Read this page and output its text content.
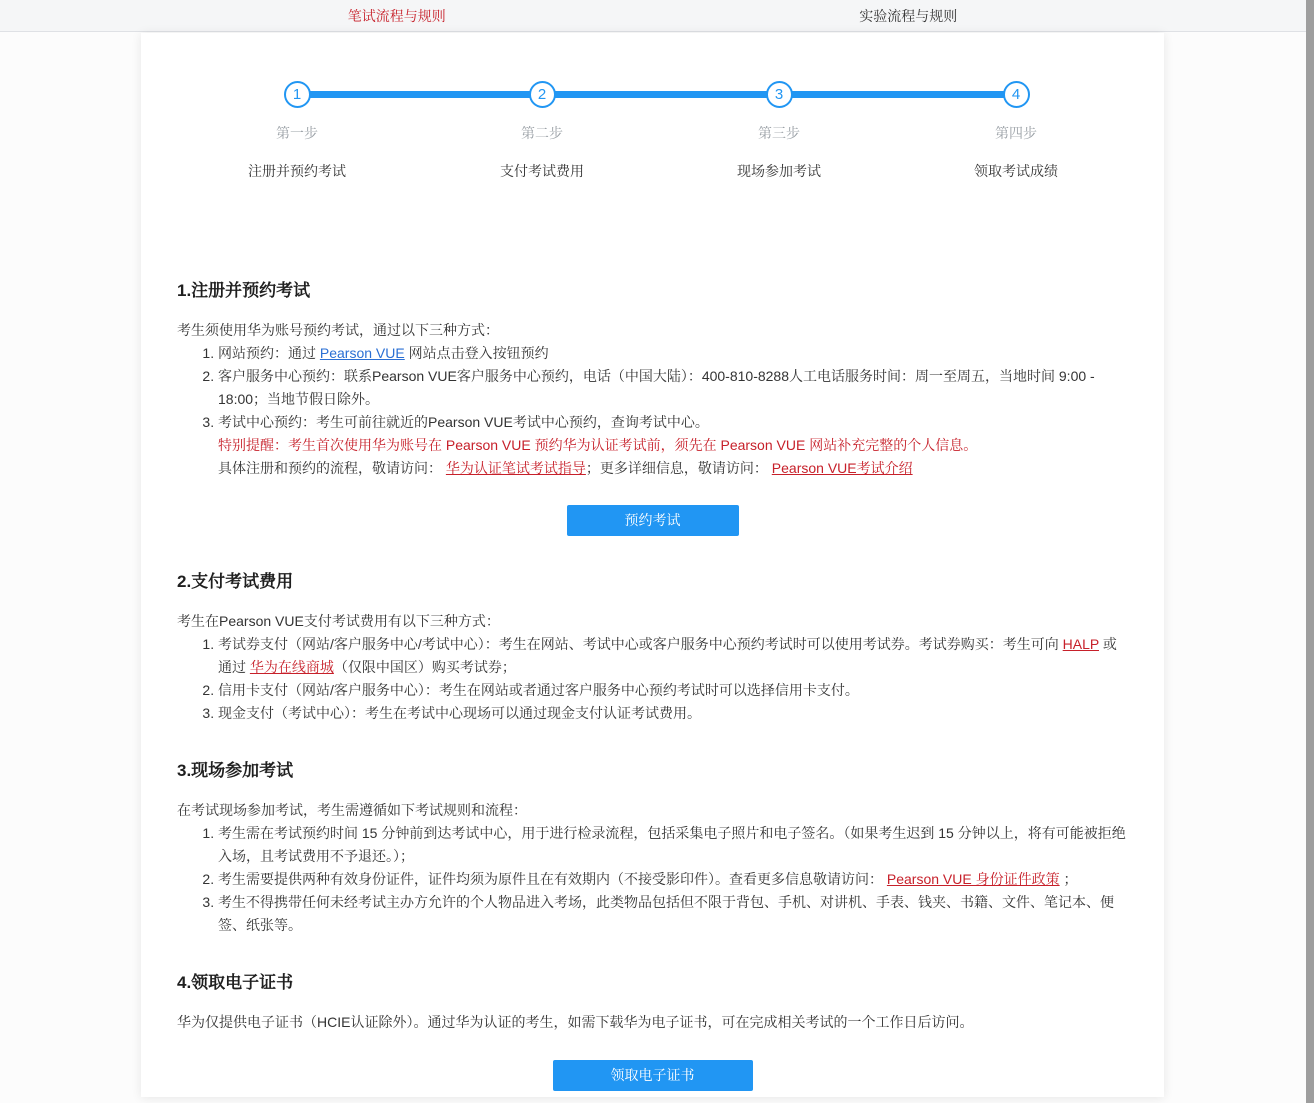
笔试流程与规则	实验流程与规则
1
第一步
注册并预约考试
2
第二步
支付考试费用
3
第三步
现场参加考试
4
第四步
领取考试成绩
1.注册并预约考试

考生须使用华为账号预约考试，通过以下三种方式：

1. 网站预约：通过 Pearson VUE 网站点击登入按钮预约
2. 客户服务中心预约：联系Pearson VUE客户服务中心预约，电话（中国大陆）：400-810-8288人工电话服务时间：周一至周五，当地时间 9:00 - 18:00；当地节假日除外。
3. 考试中心预约：考生可前往就近的Pearson VUE考试中心预约，查询考试中心。
特别提醒：考生首次使用华为账号在 Pearson VUE 预约华为认证考试前，须先在 Pearson VUE 网站补充完整的个人信息。
具体注册和预约的流程，敬请访问： 华为认证笔试考试指导；更多详细信息，敬请访问： Pearson VUE考试介绍
预约考试
2.支付考试费用

考生在Pearson VUE支付考试费用有以下三种方式：

1. 考试券支付（网站/客户服务中心/考试中心）：考生在网站、考试中心或客户服务中心预约考试时可以使用考试券。考试券购买：考生可向 HALP 或通过 华为在线商城（仅限中国区）购买考试券；
2. 信用卡支付（网站/客户服务中心）：考生在网站或者通过客户服务中心预约考试时可以选择信用卡支付。
3. 现金支付（考试中心）：考生在考试中心现场可以通过现金支付认证考试费用。
3.现场参加考试

在考试现场参加考试，考生需遵循如下考试规则和流程：

1. 考生需在考试预约时间 15 分钟前到达考试中心，用于进行检录流程，包括采集电子照片和电子签名。（如果考生迟到 15 分钟以上，将有可能被拒绝入场，且考试费用不予退还。）；
2. 考生需要提供两种有效身份证件，证件均须为原件且在有效期内（不接受影印件）。查看更多信息敬请访问： Pearson VUE 身份证件政策 ；
3. 考生不得携带任何未经考试主办方允许的个人物品进入考场，此类物品包括但不限于背包、手机、对讲机、手表、钱夹、书籍、文件、笔记本、便签、纸张等。
4.领取电子证书

华为仅提供电子证书（HCIE认证除外）。通过华为认证的考生，如需下载华为电子证书，可在完成相关考试的一个工作日后访问。

领取电子证书
